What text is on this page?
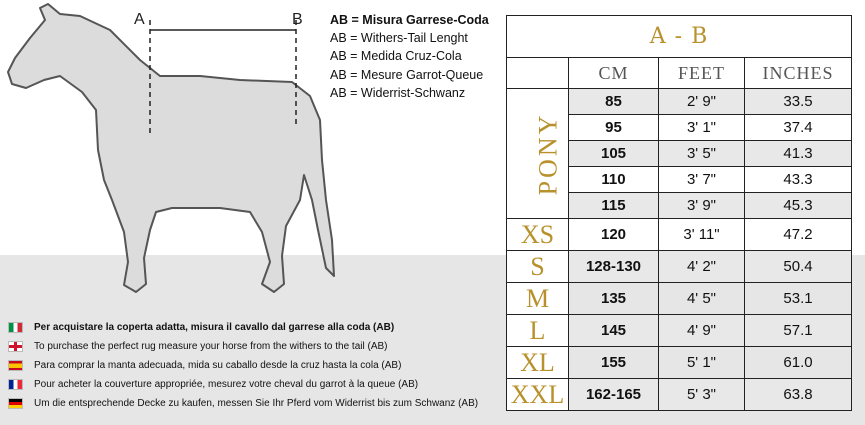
A	B AB = Misura Garrese-Coda
AB = Withers-Tail Lenght
AB = Medida Cruz-Cola
AB = Mesure Garrot-Queue
AB = Widerrist-Schwanz
Per acquistare la coperta adatta, misura il cavallo dal garrese alla coda (AB)
To purchase the perfect rug measure your horse from the withers to the tail (AB)
Para comprar la manta adecuada, mida su caballo desde la cruz hasta la cola (AB)
Pour acheter la couverture appropriée, mesurez votre cheval du garrot à la queue (AB)
Um die entsprechende Decke zu kaufen, messen Sie Ihr Pferd vom Widerrist bis zum Schwanz (AB)
A - B			
	CM	FEET	INCHES
PONY	85	2' 9"	33.5
	95	3' 1"	37.4
	105	3' 5"	41.3
	110	3' 7"	43.3
	115	3' 9"	45.3
XS	120	3' 11"	47.2
S	128-130	4' 2"	50.4
M	135	4' 5"	53.1
L	145	4' 9"	57.1
XL	155	5' 1"	61.0
XXL	162-165	5' 3"	63.8
